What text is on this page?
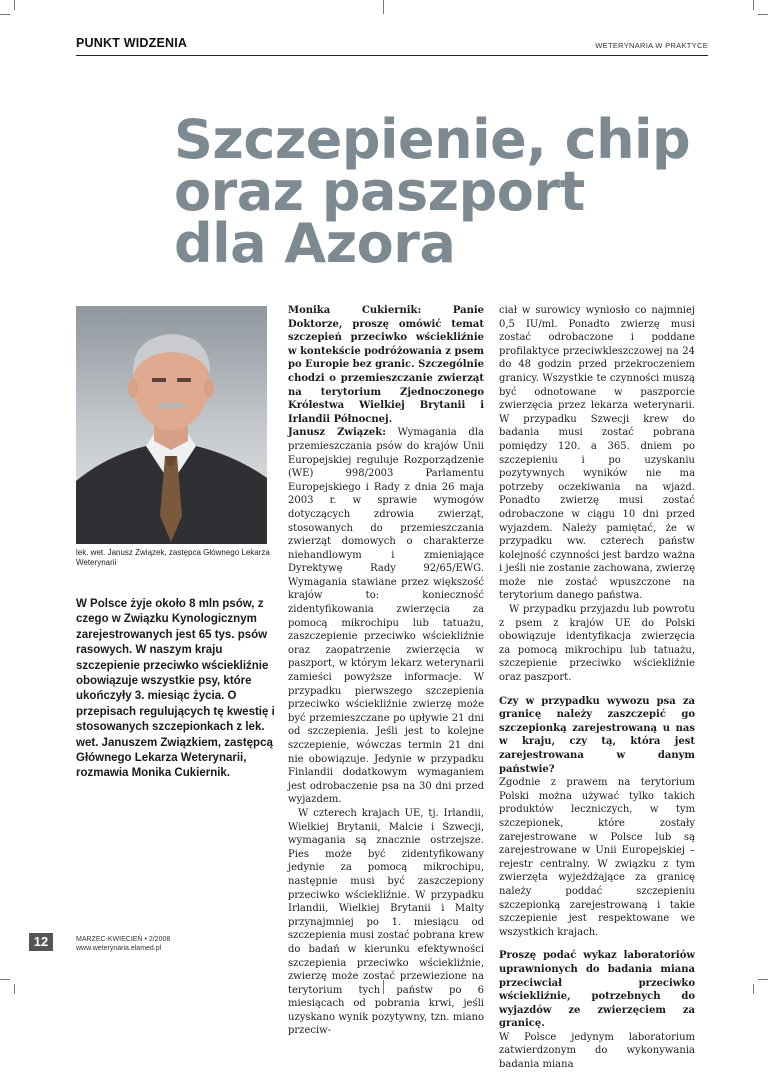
PUNKT WIDZENIA	WETERYNARIA W PRAKTYCE
Szczepienie, chip
oraz paszport
dla Azora

lek. wet. Janusz Związek, zastępca Głównego Lekarza Weterynarii

W Polsce żyje około 8 mln psów, z czego w Związku Kynologicznym zarejestrowanych jest 65 tys. psów rasowych. W naszym kraju szczepienie przeciwko wściekliźnie obowiązuje wszystkie psy, które ukończyły 3. miesiąc życia. O przepisach regulujących tę kwestię i stosowanych szczepionkach z lek. wet. Januszem Związkiem, zastępcą Głównego Lekarza Weterynarii, rozmawia Monika Cukiernik.

Monika Cukiernik: Panie Doktorze, proszę omówić temat szczepień przeciwko wściekliźnie w kontekście podróżowania z psem po Europie bez granic. Szczególnie chodzi o przemieszczanie zwierząt na terytorium Zjednoczonego Królestwa Wielkiej Brytanii i Irlandii Północnej.

Janusz Związek: Wymagania dla przemieszczania psów do krajów Unii Europejskiej reguluje Rozporządzenie (WE) 998/2003 Parlamentu Europejskiego i Rady z dnia 26 maja 2003 r. w sprawie wymogów dotyczących zdrowia zwierząt, stosowanych do przemieszczania zwierząt domowych o charakterze niehandlowym i zmieniające Dyrektywę Rady 92/65/EWG. Wymagania stawiane przez większość krajów to: konieczność zidentyfikowania zwierzęcia za pomocą mikrochipu lub tatuażu, zaszczepienie przeciwko wściekliźnie oraz zaopatrzenie zwierzęcia w paszport, w którym lekarz weterynarii zamieści powyższe informacje. W przypadku pierwszego szczepienia przeciwko wściekliźnie zwierzę może być przemieszczane po upływie 21 dni od szczepienia. Jeśli jest to kolejne szczepienie, wówczas termin 21 dni nie obowiązuje. Jedynie w przypadku Finlandii dodatkowym wymaganiem jest odrobaczenie psa na 30 dni przed wyjazdem.

W czterech krajach UE, tj. Irlandii, Wielkiej Brytanii, Malcie i Szwecji, wymagania są znacznie ostrzejsze. Pies może być zidentyfikowany jedynie za pomocą mikrochipu, następnie musi być zaszczepiony przeciwko wściekliźnie. W przypadku Irlandii, Wielkiej Brytanii i Malty przynajmniej po 1. miesiącu od szczepienia musi zostać pobrana krew do badań w kierunku efektywności szczepienia przeciwko wściekliźnie, zwierzę może zostać przewiezione na terytorium tych państw po 6 miesiącach od pobrania krwi, jeśli uzyskano wynik pozytywny, tzn. miano przeciw-

ciał w surowicy wyniosło co najmniej 0,5 IU/ml. Ponadto zwierzę musi zostać odrobaczone i poddane profilaktyce przeciwkleszczowej na 24 do 48 godzin przed przekroczeniem granicy. Wszystkie te czynności muszą być odnotowane w paszporcie zwierzęcia przez lekarza weterynarii. W przypadku Szwecji krew do badania musi zostać pobrana pomiędzy 120. a 365. dniem po szczepieniu i po uzyskaniu pozytywnych wyników nie ma potrzeby oczekiwania na wjazd. Ponadto zwierzę musi zostać odrobaczone w ciągu 10 dni przed wyjazdem. Należy pamiętać, że w przypadku ww. czterech państw kolejność czynności jest bardzo ważna i jeśli nie zostanie zachowana, zwierzę może nie zostać wpuszczone na terytorium danego państwa.

W przypadku przyjazdu lub powrotu z psem z krajów UE do Polski obowiązuje identyfikacja zwierzęcia za pomocą mikrochipu lub tatuażu, szczepienie przeciwko wściekliźnie oraz paszport.

Czy w przypadku wywozu psa za granicę należy zaszczepić go szczepionką zarejestrowaną u nas w kraju, czy tą, która jest zarejestrowana w danym państwie?

Zgodnie z prawem na terytorium Polski można używać tylko takich produktów leczniczych, w tym szczepionek, które zostały zarejestrowane w Polsce lub są zarejestrowane w Unii Europejskiej – rejestr centralny. W związku z tym zwierzęta wyjeżdżające za granicę należy poddać szczepieniu szczepionką zarejestrowaną i takie szczepienie jest respektowane we wszystkich krajach.

Proszę podać wykaz laboratoriów uprawnionych do badania miana przeciwciał przeciwko wściekliźnie, potrzebnych do wyjazdów ze zwierzęciem za granicę.

W Polsce jedynym laboratorium zatwierdzonym do wykonywania badania miana

12	MARZEC-KWIECIEŃ • 2/2008
www.weterynaria.elamed.pl
